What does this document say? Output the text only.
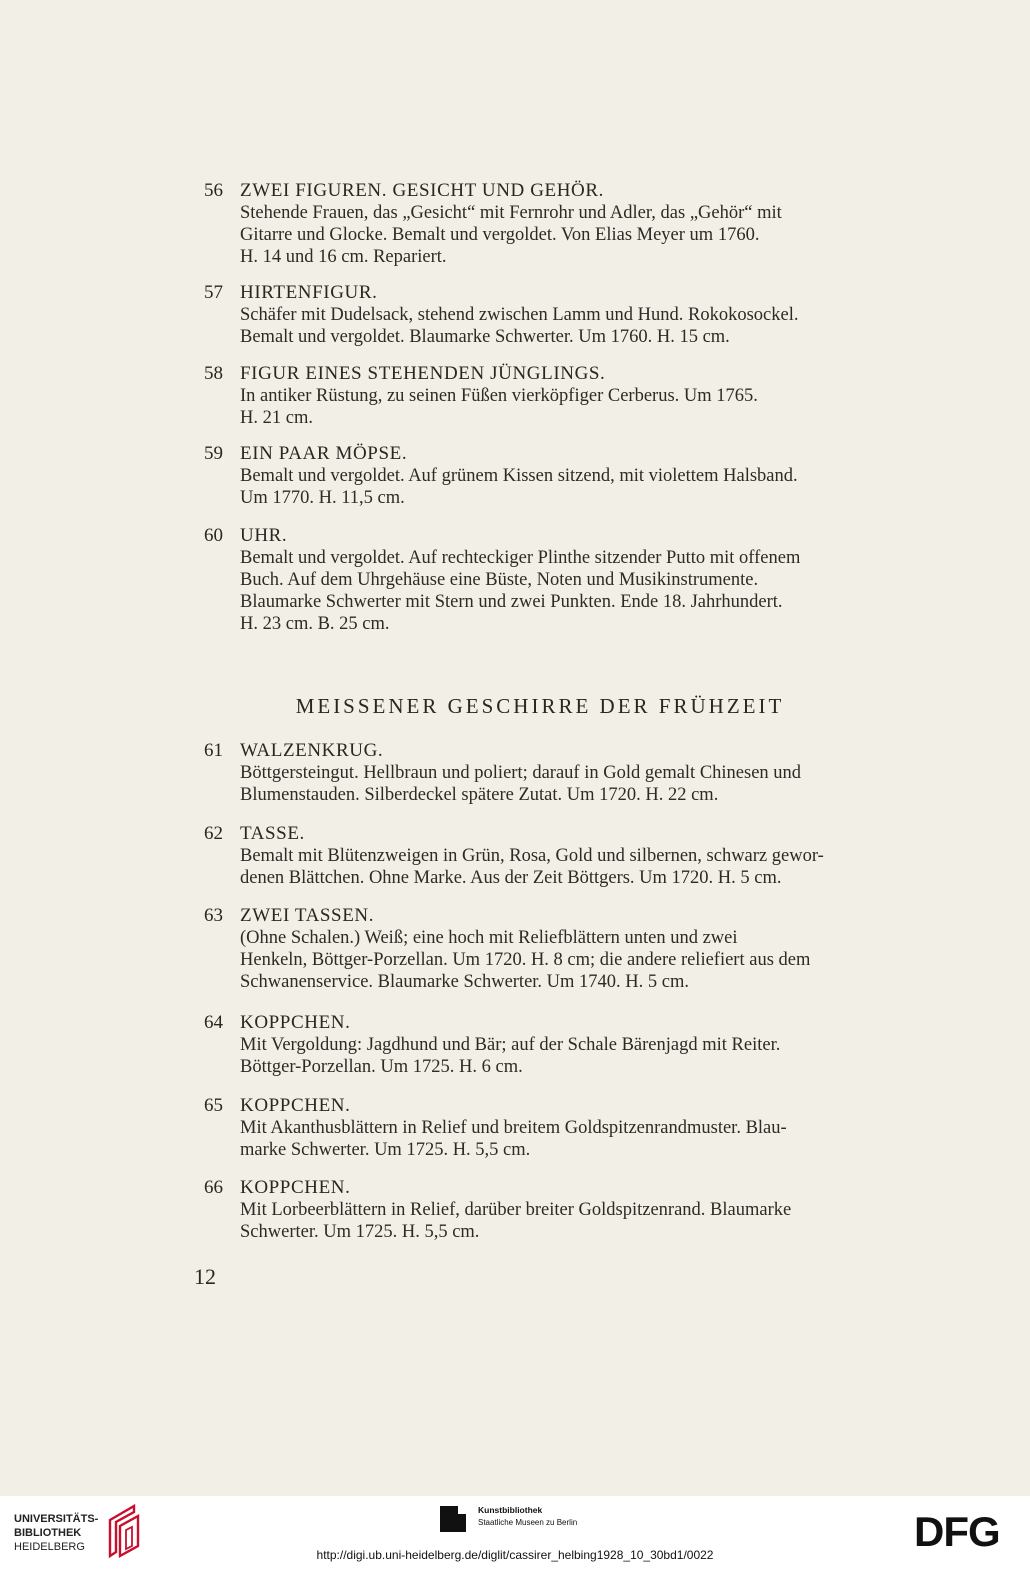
56 ZWEI FIGUREN. GESICHT UND GEHÖR.
Stehende Frauen, das „Gesicht“ mit Fernrohr und Adler, das „Gehör“ mit
Gitarre und Glocke. Bemalt und vergoldet. Von Elias Meyer um 1760.
H. 14 und 16 cm. Repariert.
57 HIRTENFIGUR.
Schäfer mit Dudelsack, stehend zwischen Lamm und Hund. Rokokosockel.
Bemalt und vergoldet. Blaumarke Schwerter. Um 1760. H. 15 cm.
58 FIGUR EINES STEHENDEN JÜNGLINGS.
In antiker Rüstung, zu seinen Füßen vierköpfiger Cerberus. Um 1765.
H. 21 cm.
59 EIN PAAR MÖPSE.
Bemalt und vergoldet. Auf grünem Kissen sitzend, mit violettem Halsband.
Um 1770. H. 11,5 cm.
60 UHR.
Bemalt und vergoldet. Auf rechteckiger Plinthe sitzender Putto mit offenem
Buch. Auf dem Uhrgehäuse eine Büste, Noten und Musikinstrumente.
Blaumarke Schwerter mit Stern und zwei Punkten. Ende 18. Jahrhundert.
H. 23 cm. B. 25 cm.
MEISSENER GESCHIRRE DER FRÜHZEIT
61 WALZENKRUG.
Böttgersteingut. Hellbraun und poliert; darauf in Gold gemalt Chinesen und
Blumenstauden. Silberdeckel spätere Zutat. Um 1720. H. 22 cm.
62 TASSE.
Bemalt mit Blütenzweigen in Grün, Rosa, Gold und silbernen, schwarz gewor-
denen Blättchen. Ohne Marke. Aus der Zeit Böttgers. Um 1720. H. 5 cm.
63 ZWEI TASSEN.
(Ohne Schalen.) Weiß; eine hoch mit Reliefblättern unten und zwei
Henkeln, Böttger-Porzellan. Um 1720. H. 8 cm; die andere reliefiert aus dem
Schwanenservice. Blaumarke Schwerter. Um 1740. H. 5 cm.
64 KOPPCHEN.
Mit Vergoldung: Jagdhund und Bär; auf der Schale Bärenjagd mit Reiter.
Böttger-Porzellan. Um 1725. H. 6 cm.
65 KOPPCHEN.
Mit Akanthusblättern in Relief und breitem Goldspitzenrandmuster. Blau-
marke Schwerter. Um 1725. H. 5,5 cm.
66 KOPPCHEN.
Mit Lorbeerblättern in Relief, darüber breiter Goldspitzenrand. Blaumarke
Schwerter. Um 1725. H. 5,5 cm.
12
UNIVERSITÄTS-
BIBLIOTHEK
HEIDELBERG
Kunstbibliothek
Staatliche Museen zu Berlin	DFG
http://digi.ub.uni-heidelberg.de/diglit/cassirer_helbing1928_10_30bd1/0022
